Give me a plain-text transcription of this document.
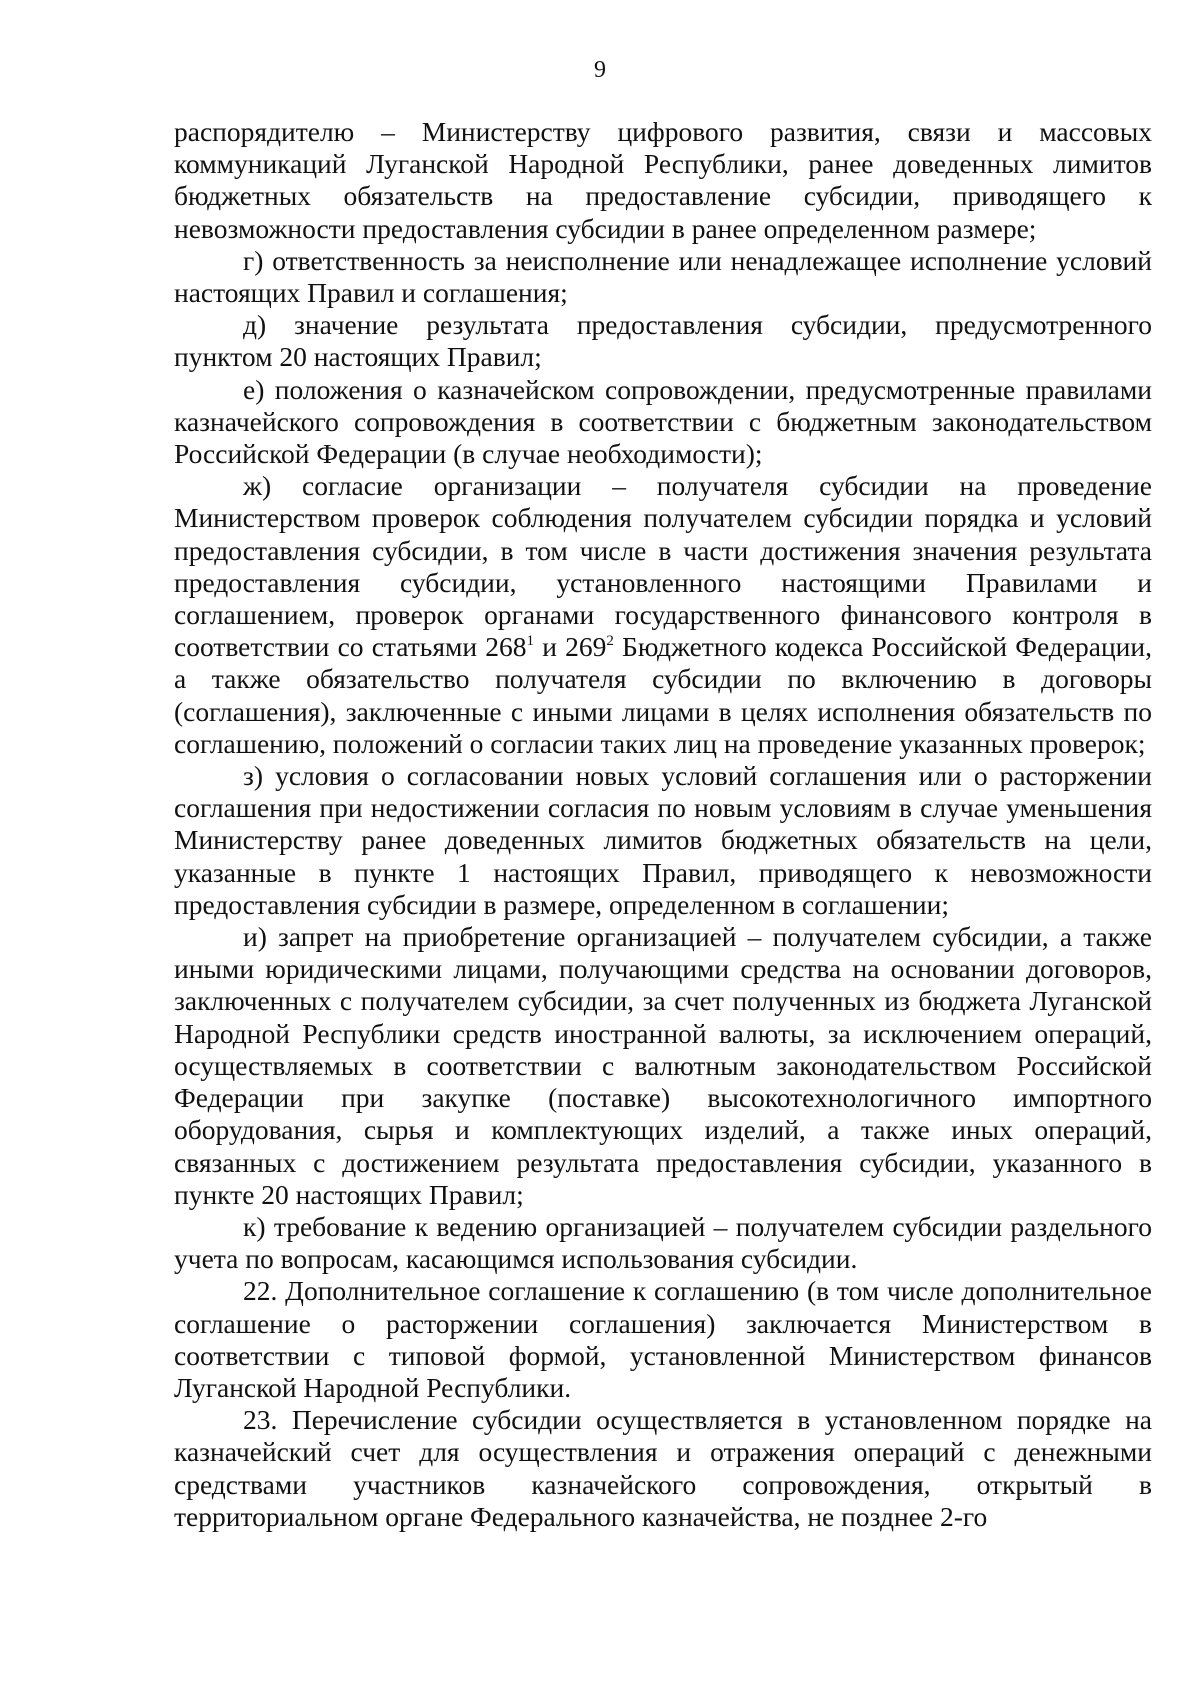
9

распорядителю – Министерству цифрового развития, связи и массовых коммуникаций Луганской Народной Республики, ранее доведенных лимитов бюджетных обязательств на предоставление субсидии, приводящего к невозможности предоставления субсидии в ранее определенном размере;

г) ответственность за неисполнение или ненадлежащее исполнение условий настоящих Правил и соглашения;

д) значение результата предоставления субсидии, предусмотренного пунктом 20 настоящих Правил;

е) положения о казначейском сопровождении, предусмотренные правилами казначейского сопровождения в соответствии с бюджетным законодательством Российской Федерации (в случае необходимости);

ж) согласие организации – получателя субсидии на проведение Министерством проверок соблюдения получателем субсидии порядка и условий предоставления субсидии, в том числе в части достижения значения результата предоставления субсидии, установленного настоящими Правилами и соглашением, проверок органами государственного финансового контроля в соответствии со статьями $268^1$ и $269^2$ Бюджетного кодекса Российской Федерации, а также обязательство получателя субсидии по включению в договоры (соглашения), заключенные с иными лицами в целях исполнения обязательств по соглашению, положений о согласии таких лиц на проведение указанных проверок;

з) условия о согласовании новых условий соглашения или о расторжении соглашения при недостижении согласия по новым условиям в случае уменьшения Министерству ранее доведенных лимитов бюджетных обязательств на цели, указанные в пункте 1 настоящих Правил, приводящего к невозможности предоставления субсидии в размере, определенном в соглашении;

и) запрет на приобретение организацией – получателем субсидии, а также иными юридическими лицами, получающими средства на основании договоров, заключенных с получателем субсидии, за счет полученных из бюджета Луганской Народной Республики средств иностранной валюты, за исключением операций, осуществляемых в соответствии с валютным законодательством Российской Федерации при закупке (поставке) высокотехнологичного импортного оборудования, сырья и комплектующих изделий, а также иных операций, связанных с достижением результата предоставления субсидии, указанного в пункте 20 настоящих Правил;

к) требование к ведению организацией – получателем субсидии раздельного учета по вопросам, касающимся использования субсидии.

22. Дополнительное соглашение к соглашению (в том числе дополнительное соглашение о расторжении соглашения) заключается Министерством в соответствии с типовой формой, установленной Министерством финансов Луганской Народной Республики.

23. Перечисление субсидии осуществляется в установленном порядке на казначейский счет для осуществления и отражения операций с денежными средствами участников казначейского сопровождения, открытый в территориальном органе Федерального казначейства, не позднее 2-го
